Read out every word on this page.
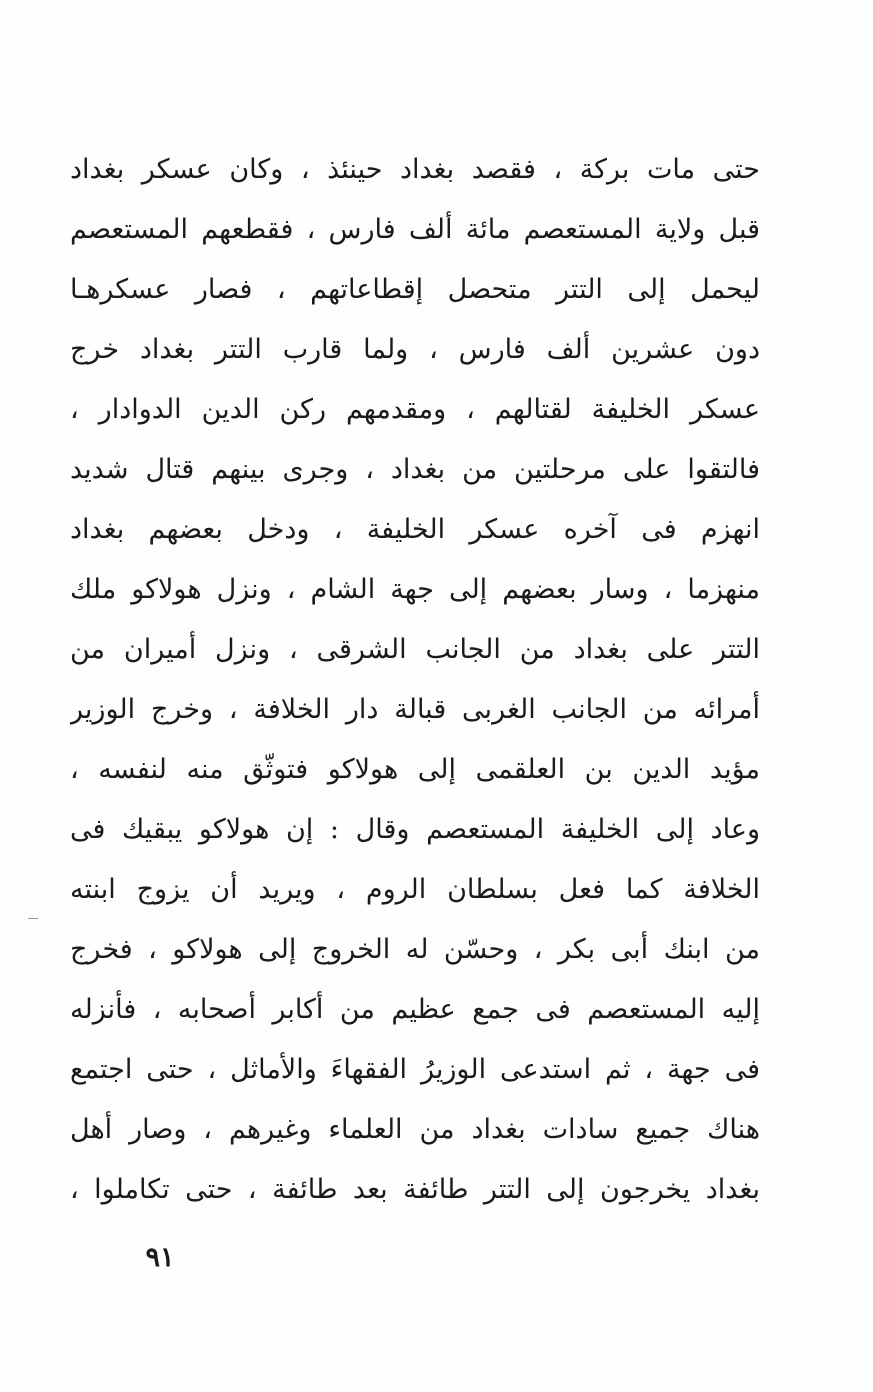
حتى مات بركة ، فقصد بغداد حينئذ ، وكان عسكر بغداد
قبل ولاية المستعصم مائة ألف فارس ، فقطعهم المستعصم
ليحمل إلى التتر متحصل إقطاعاتهم ، فصار عسكرهـا
دون عشرين ألف فارس ، ولما قارب التتر بغداد خرج
عسكر الخليفة لقتالهم ، ومقدمهم ركن الدين الدوادار ،
فالتقوا على مرحلتين من بغداد ، وجرى بينهم قتال شديد
انهزم فى آخره عسكر الخليفة ، ودخل بعضهم بغداد
منهزما ، وسار بعضهم إلى جهة الشام ، ونزل هولاكو ملك
التتر على بغداد من الجانب الشرقى ، ونزل أميران من
أمرائه من الجانب الغربى قبالة دار الخلافة ، وخرج الوزير
مؤيد الدين بن العلقمى إلى هولاكو فتوثّق منه لنفسه ،
وعاد إلى الخليفة المستعصم وقال : إن هولاكو يبقيك فى
الخلافة كما فعل بسلطان الروم ، ويريد أن يزوج ابنته
من ابنك أبى بكر ، وحسّن له الخروج إلى هولاكو ، فخرج
إليه المستعصم فى جمع عظيم من أكابر أصحابه ، فأنزله
فى جهة ، ثم استدعى الوزيرُ الفقهاءَ والأماثل ، حتى اجتمع
هناك جميع سادات بغداد من العلماء وغيرهم ، وصار أهل
بغداد يخرجون إلى التتر طائفة بعد طائفة ، حتى تكاملوا ،
٩١
